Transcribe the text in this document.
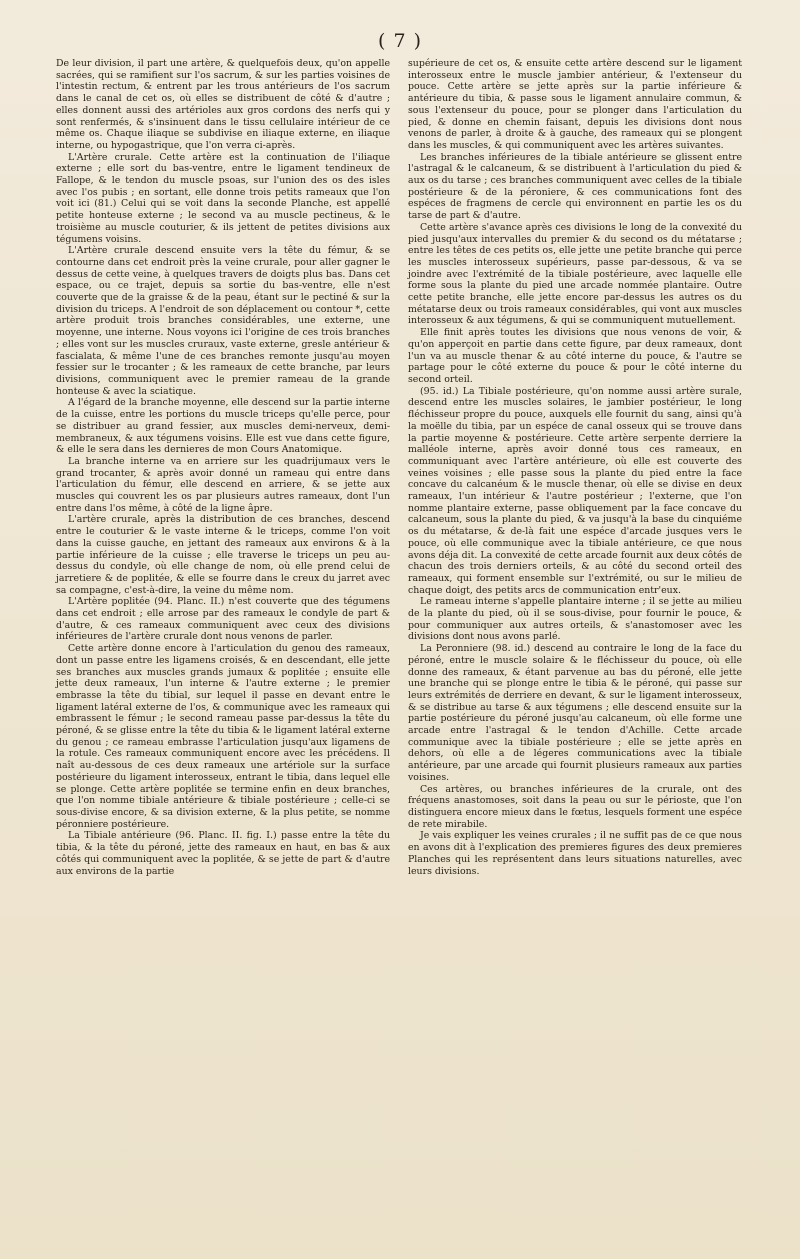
( 7 )

De leur division, il part une artère, & quelquefois deux, qu'on appelle sacrées, qui se ramifient sur l'os sacrum, & sur les parties voisines de l'intestin rectum, & entrent par les trous antérieurs de l'os sacrum dans le canal de cet os, où elles se distribuent de côté & d'autre ; elles donnent aussi des artérioles aux gros cordons des nerfs qui y sont renfermés, & s'insinuent dans le tissu cellulaire intérieur de ce même os. Chaque iliaque se subdivise en iliaque externe, en iliaque interne, ou hypogastrique, que l'on verra ci-après.

L'Artère crurale. Cette artère est la continuation de l'iliaque externe ; elle sort du bas-ventre, entre le ligament tendineux de Fallope, & le tendon du muscle psoas, sur l'union des os des isles avec l'os pubis ; en sortant, elle donne trois petits rameaux que l'on voit ici (81.) Celui qui se voit dans la seconde Planche, est appellé petite honteuse externe ; le second va au muscle pectineus, & le troisième au muscle couturier, & ils jettent de petites divisions aux tégumens voisins.

L'Artère crurale descend ensuite vers la tête du fémur, & se contourne dans cet endroit près la veine crurale, pour aller gagner le dessus de cette veine, à quelques travers de doigts plus bas. Dans cet espace, ou ce trajet, depuis sa sortie du bas-ventre, elle n'est couverte que de la graisse & de la peau, étant sur le pectiné & sur la division du triceps. A l'endroit de son déplacement ou contour *, cette artère produit trois branches considérables, une externe, une moyenne, une interne. Nous voyons ici l'origine de ces trois branches ; elles vont sur les muscles cruraux, vaste externe, gresle antérieur & fascialata, & même l'une de ces branches remonte jusqu'au moyen fessier sur le trocanter ; & les rameaux de cette branche, par leurs divisions, communiquent avec le premier rameau de la grande honteuse & avec la sciatique.

A l'égard de la branche moyenne, elle descend sur la partie interne de la cuisse, entre les portions du muscle triceps qu'elle perce, pour se distribuer au grand fessier, aux muscles demi-nerveux, demi-membraneux, & aux tégumens voisins. Elle est vue dans cette figure, & elle le sera dans les dernieres de mon Cours Anatomique.

La branche interne va en arriere sur les quadrijumaux vers le grand trocanter, & après avoir donné un rameau qui entre dans l'articulation du fémur, elle descend en arriere, & se jette aux muscles qui couvrent les os par plusieurs autres rameaux, dont l'un entre dans l'os même, à côté de la ligne âpre.

L'artère crurale, après la distribution de ces branches, descend entre le couturier & le vaste interne & le triceps, comme l'on voit dans la cuisse gauche, en jettant des rameaux aux environs & à la partie inférieure de la cuisse ; elle traverse le triceps un peu au-dessus du condyle, où elle change de nom, où elle prend celui de jarretiere & de poplitée, & elle se fourre dans le creux du jarret avec sa compagne, c'est-à-dire, la veine du même nom.

L'Artère poplitée (94. Planc. II.) n'est couverte que des tégumens dans cet endroit ; elle arrose par des rameaux le condyle de part & d'autre, & ces rameaux communiquent avec ceux des divisions inférieures de l'artère crurale dont nous venons de parler.

Cette artère donne encore à l'articulation du genou des rameaux, dont un passe entre les ligamens croisés, & en descendant, elle jette ses branches aux muscles grands jumaux & poplitée ; ensuite elle jette deux rameaux, l'un interne & l'autre externe ; le premier embrasse la tête du tibial, sur lequel il passe en devant entre le ligament latéral externe de l'os, & communique avec les rameaux qui embrassent le fémur ; le second rameau passe par-dessus la tête du péroné, & se glisse entre la tête du tibia & le ligament latéral externe du genou ; ce rameau embrasse l'articulation jusqu'aux ligamens de la rotule. Ces rameaux communiquent encore avec les précédens. Il naît au-dessous de ces deux rameaux une artériole sur la surface postérieure du ligament interosseux, entrant le tibia, dans lequel elle se plonge. Cette artère poplitée se termine enfin en deux branches, que l'on nomme tibiale antérieure & tibiale postérieure ; celle-ci se sous-divise encore, & sa division externe, & la plus petite, se nomme péronniere postérieure.

La Tibiale antérieure (96. Planc. II. fig. I.) passe entre la tête du tibia, & la tête du péroné, jette des rameaux en haut, en bas & aux côtés qui communiquent avec la poplitée, & se jette de part & d'autre aux environs de la partie

supérieure de cet os, & ensuite cette artère descend sur le ligament interosseux entre le muscle jambier antérieur, & l'extenseur du pouce. Cette artère se jette après sur la partie inférieure & antérieure du tibia, & passe sous le ligament annulaire commun, & sous l'extenseur du pouce, pour se plonger dans l'articulation du pied, & donne en chemin faisant, depuis les divisions dont nous venons de parler, à droite & à gauche, des rameaux qui se plongent dans les muscles, & qui communiquent avec les artères suivantes.

Les branches inférieures de la tibiale antérieure se glissent entre l'astragal & le calcaneum, & se distribuent à l'articulation du pied & aux os du tarse ; ces branches communiquent avec celles de la tibiale postérieure & de la péroniere, & ces communications font des espéces de fragmens de cercle qui environnent en partie les os du tarse de part & d'autre.

Cette artère s'avance après ces divisions le long de la convexité du pied jusqu'aux intervalles du premier & du second os du métatarse ; entre les têtes de ces petits os, elle jette une petite branche qui perce les muscles interosseux supérieurs, passe par-dessous, & va se joindre avec l'extrémité de la tibiale postérieure, avec laquelle elle forme sous la plante du pied une arcade nommée plantaire. Outre cette petite branche, elle jette encore par-dessus les autres os du métatarse deux ou trois rameaux considérables, qui vont aux muscles interosseux & aux tégumens, & qui se communiquent mutuellement.

Elle finit après toutes les divisions que nous venons de voir, & qu'on apperçoit en partie dans cette figure, par deux rameaux, dont l'un va au muscle thenar & au côté interne du pouce, & l'autre se partage pour le côté externe du pouce & pour le côté interne du second orteil.

(95. id.) La Tibiale postérieure, qu'on nomme aussi artère surale, descend entre les muscles solaires, le jambier postérieur, le long fléchisseur propre du pouce, auxquels elle fournit du sang, ainsi qu'à la moëlle du tibia, par un espéce de canal osseux qui se trouve dans la partie moyenne & postérieure. Cette artère serpente derriere la malléole interne, après avoir donné tous ces rameaux, en communiquant avec l'artère antérieure, où elle est couverte des veines voisines ; elle passe sous la plante du pied entre la face concave du calcanéum & le muscle thenar, où elle se divise en deux rameaux, l'un intérieur & l'autre postérieur ; l'externe, que l'on nomme plantaire externe, passe obliquement par la face concave du calcaneum, sous la plante du pied, & va jusqu'à la base du cinquiéme os du métatarse, & de-là fait une espéce d'arcade jusques vers le pouce, où elle communique avec la tibiale antérieure, ce que nous avons déja dit. La convexité de cette arcade fournit aux deux côtés de chacun des trois derniers orteils, & au côté du second orteil des rameaux, qui forment ensemble sur l'extrémité, ou sur le milieu de chaque doigt, des petits arcs de communication entr'eux.

Le rameau interne s'appelle plantaire interne ; il se jette au milieu de la plante du pied, où il se sous-divise, pour fournir le pouce, & pour communiquer aux autres orteils, & s'anastomoser avec les divisions dont nous avons parlé.

La Peronniere (98. id.) descend au contraire le long de la face du péroné, entre le muscle solaire & le fléchisseur du pouce, où elle donne des rameaux, & étant parvenue au bas du péroné, elle jette une branche qui se plonge entre le tibia & le péroné, qui passe sur leurs extrémités de derriere en devant, & sur le ligament interosseux, & se distribue au tarse & aux tégumens ; elle descend ensuite sur la partie postérieure du péroné jusqu'au calcaneum, où elle forme une arcade entre l'astragal & le tendon d'Achille. Cette arcade communique avec la tibiale postérieure ; elle se jette après en dehors, où elle a de légeres communications avec la tibiale antérieure, par une arcade qui fournit plusieurs rameaux aux parties voisines.

Ces artères, ou branches inférieures de la crurale, ont des fréquens anastomoses, soit dans la peau ou sur le périoste, que l'on distinguera encore mieux dans le fœtus, lesquels forment une espéce de rete mirabile.

Je vais expliquer les veines crurales ; il ne suffit pas de ce que nous en avons dit à l'explication des premieres figures des deux premieres Planches qui les représentent dans leurs situations naturelles, avec leurs divisions.
